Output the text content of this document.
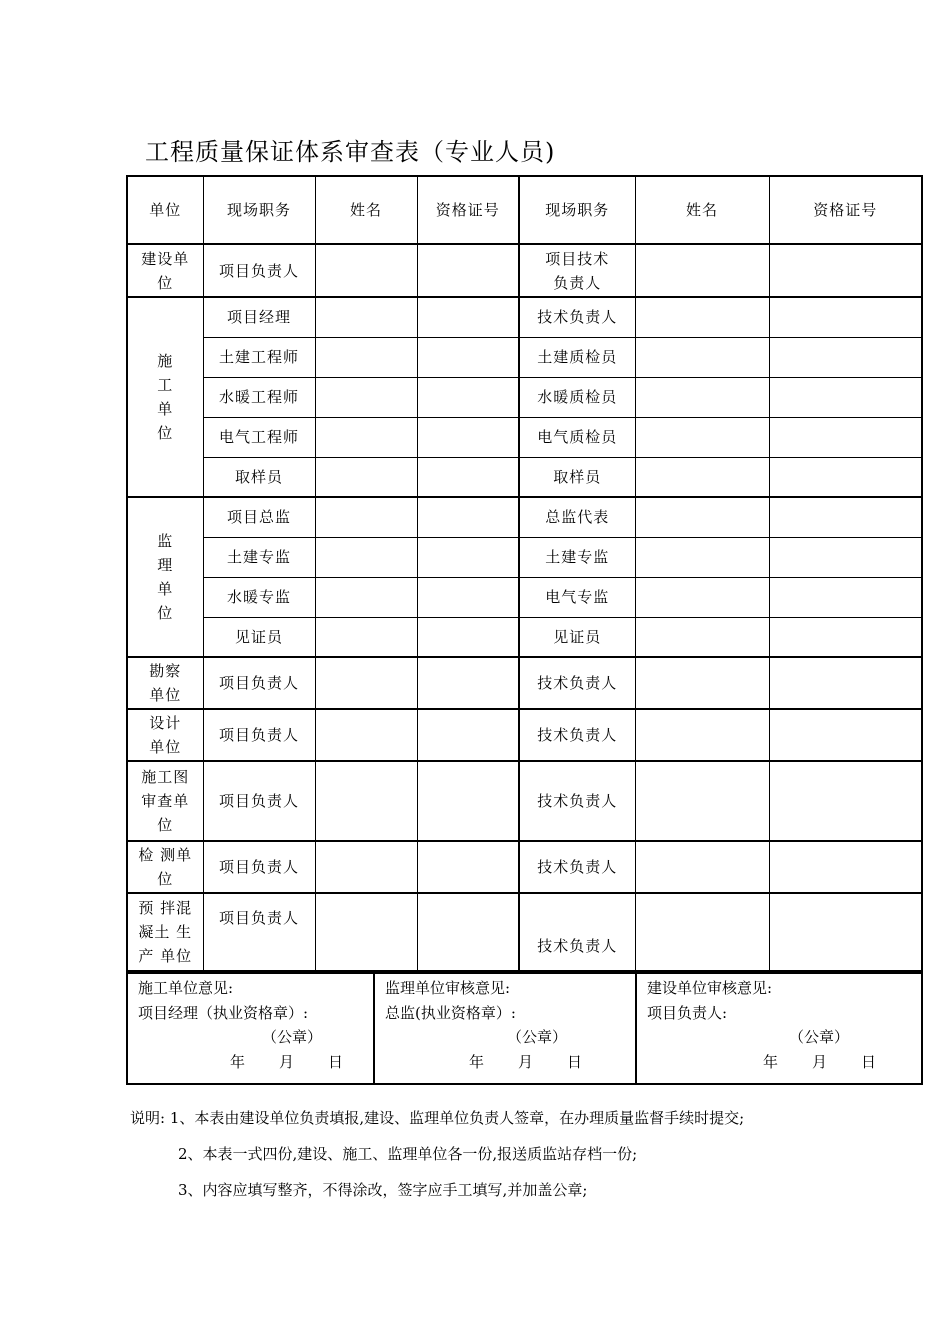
工程质量保证体系审查表（专业人员)
单位	现场职务	姓名	资格证号	现场职务	姓名	资格证号
建设单
位	项目负责人			项目技术
负责人		

施
工
单
位	项目经理			技术负责人		
	土建工程师			土建质检员		
	水暖工程师			水暖质检员		
	电气工程师			电气质检员		
	取样员			取样员		

监
理
单
位	项目总监			总监代表		
	土建专监			土建专监		
	水暖专监			电气专监		
	见证员			见证员		
勘察
单位	项目负责人			技术负责人		
设计
单位	项目负责人			技术负责人		
施工图
审查单
位	项目负责人			技术负责人		
检 测单
位	项目负责人			技术负责人		
预 拌混
凝土 生
产 单位	项目负责人			技术负责人		
施工单位意见:
项目经理（执业资格章）:
（公章）
年 月 日

监理单位审核意见:
总监(执业资格章）:
（公章）
年 月 日

建设单位审核意见:
项目负责人:
（公章）
年 月 日
说明: 1、本表由建设单位负责填报,建设、监理单位负责人签章，在办理质量监督手续时提交;
2、本表一式四份,建设、施工、监理单位各一份,报送质监站存档一份;
3、内容应填写整齐，不得涂改，签字应手工填写,并加盖公章;
